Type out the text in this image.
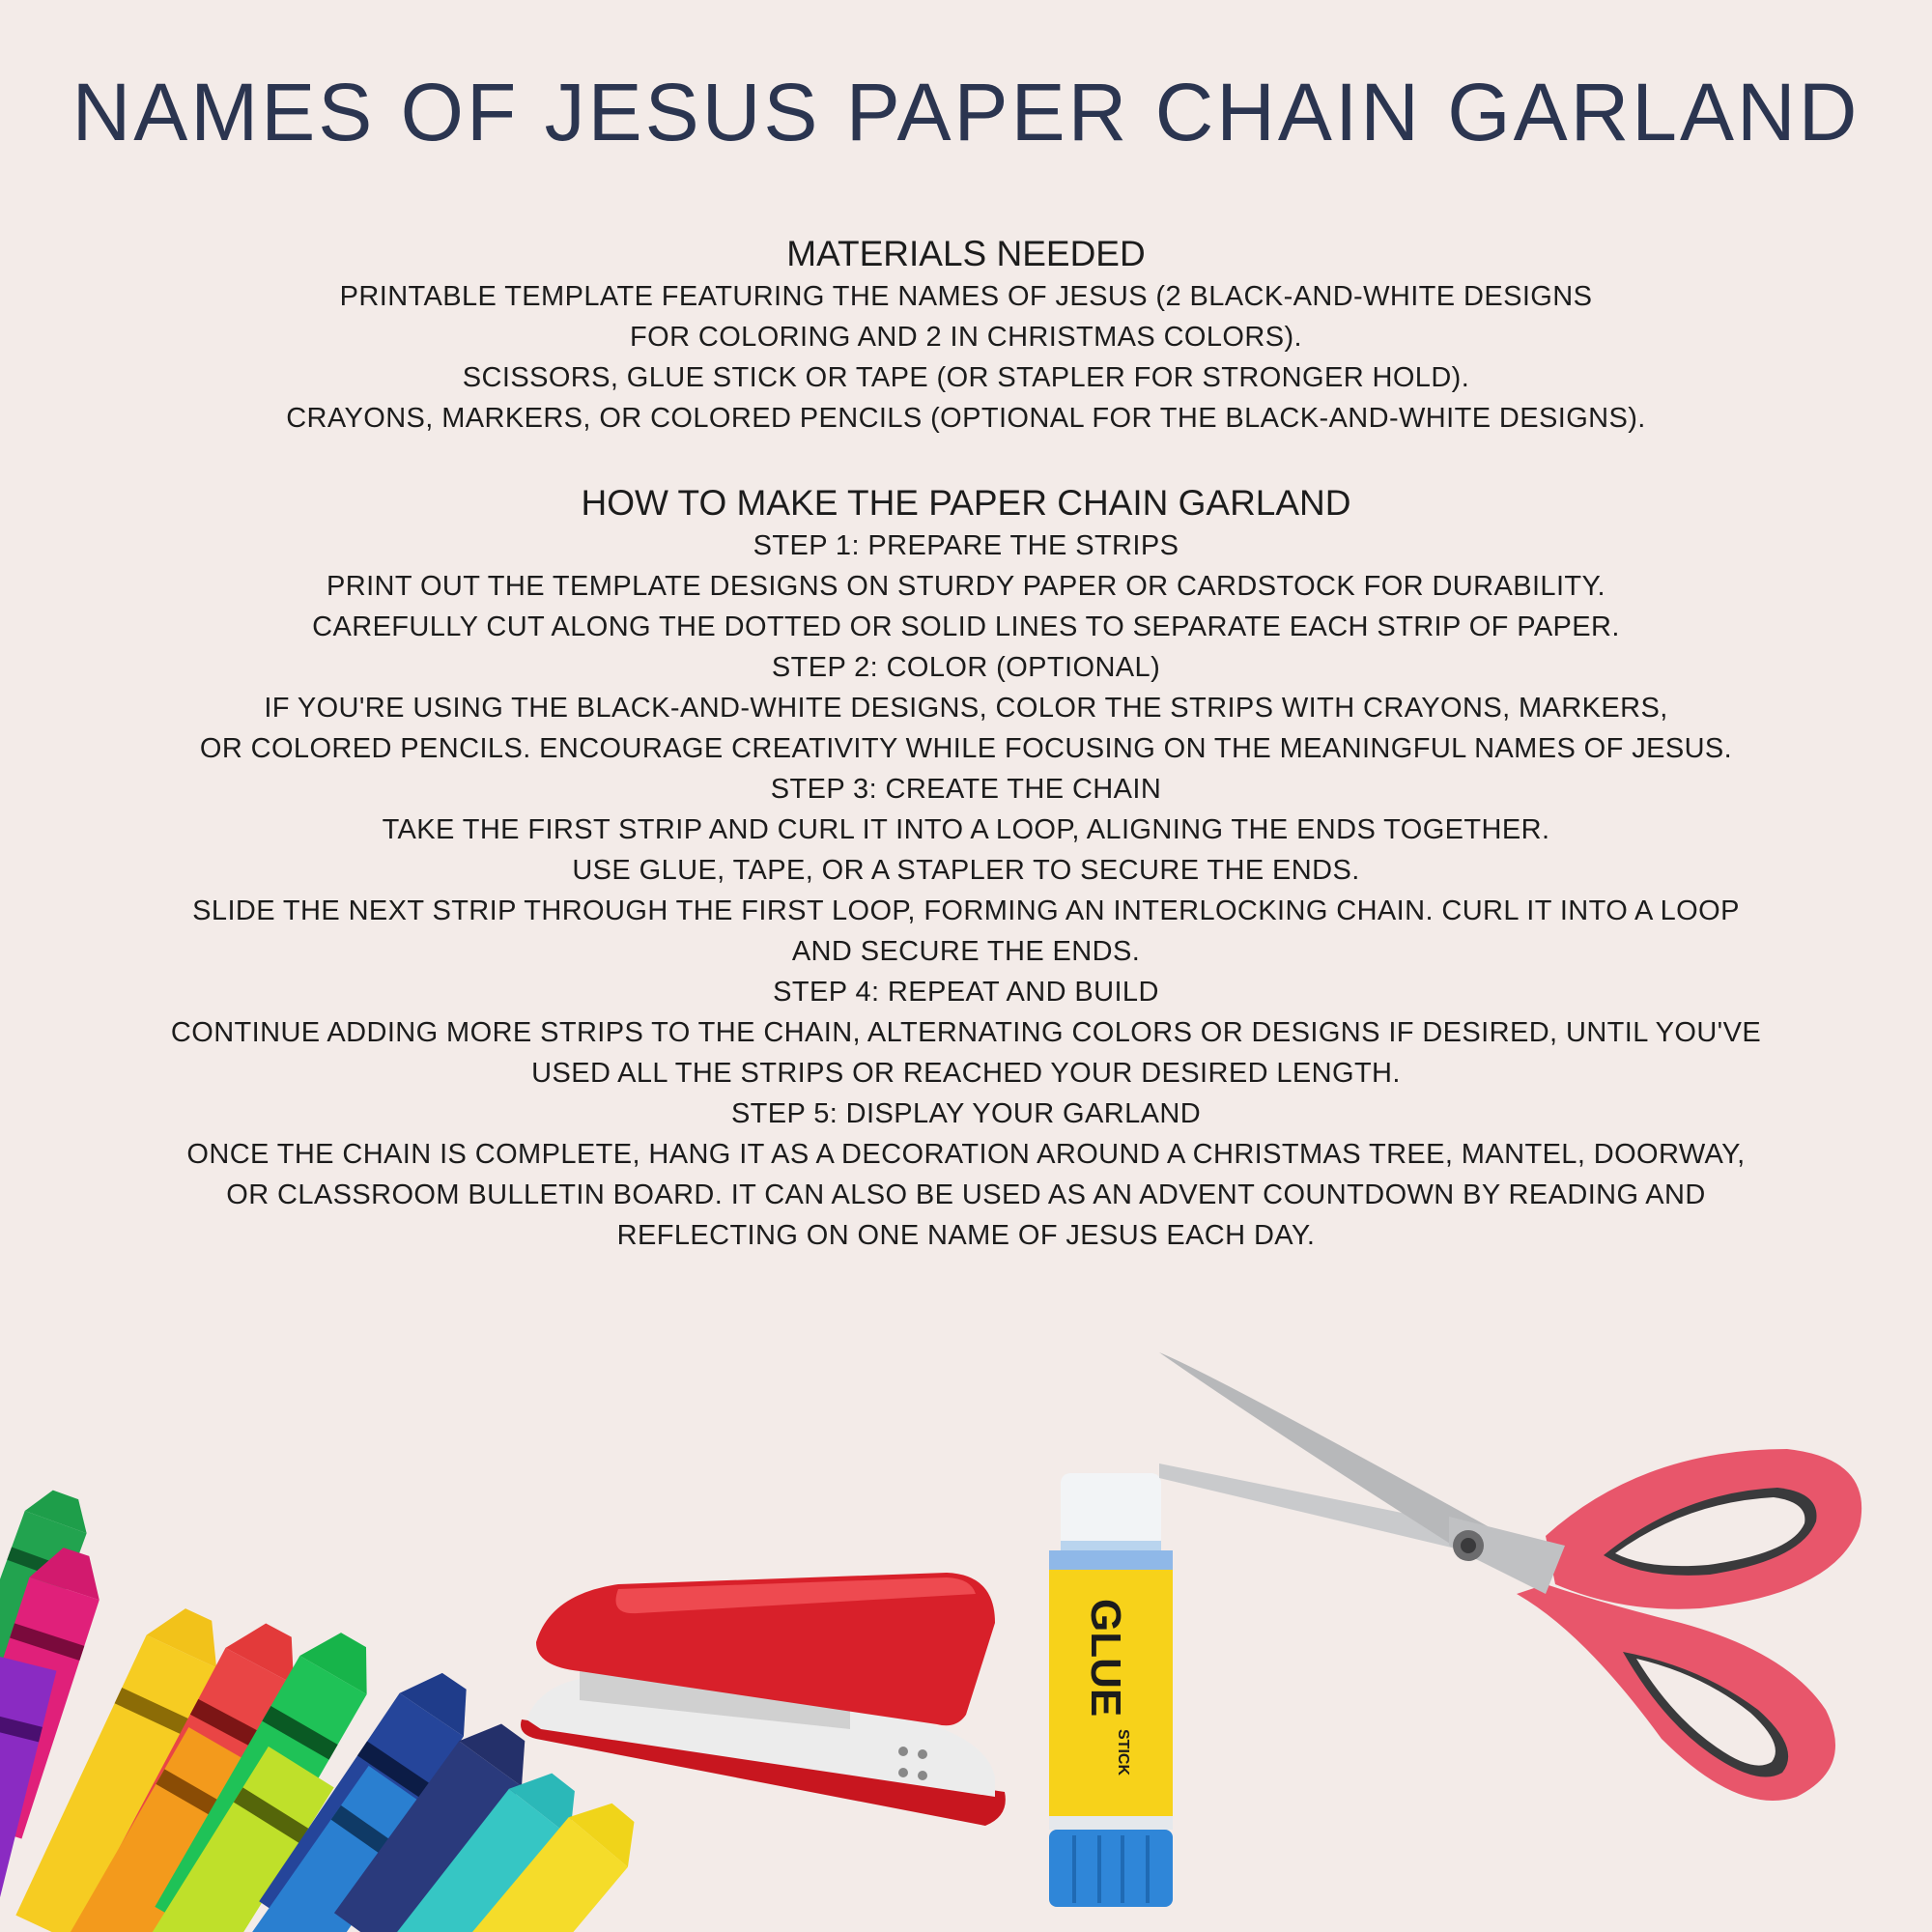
NAMES OF JESUS PAPER CHAIN GARLAND
MATERIALS NEEDED

PRINTABLE TEMPLATE FEATURING THE NAMES OF JESUS (2 BLACK-AND-WHITE DESIGNS

FOR COLORING AND 2 IN CHRISTMAS COLORS).

SCISSORS, GLUE STICK OR TAPE (OR STAPLER FOR STRONGER HOLD).

CRAYONS, MARKERS, OR COLORED PENCILS (OPTIONAL FOR THE BLACK-AND-WHITE DESIGNS).

HOW TO MAKE THE PAPER CHAIN GARLAND

STEP 1: PREPARE THE STRIPS

PRINT OUT THE TEMPLATE DESIGNS ON STURDY PAPER OR CARDSTOCK FOR DURABILITY.

CAREFULLY CUT ALONG THE DOTTED OR SOLID LINES TO SEPARATE EACH STRIP OF PAPER.

STEP 2: COLOR (OPTIONAL)

IF YOU'RE USING THE BLACK-AND-WHITE DESIGNS, COLOR THE STRIPS WITH CRAYONS, MARKERS,

OR COLORED PENCILS. ENCOURAGE CREATIVITY WHILE FOCUSING ON THE MEANINGFUL NAMES OF JESUS.

STEP 3: CREATE THE CHAIN

TAKE THE FIRST STRIP AND CURL IT INTO A LOOP, ALIGNING THE ENDS TOGETHER.

USE GLUE, TAPE, OR A STAPLER TO SECURE THE ENDS.

SLIDE THE NEXT STRIP THROUGH THE FIRST LOOP, FORMING AN INTERLOCKING CHAIN. CURL IT INTO A LOOP

AND SECURE THE ENDS.

STEP 4: REPEAT AND BUILD

CONTINUE ADDING MORE STRIPS TO THE CHAIN, ALTERNATING COLORS OR DESIGNS IF DESIRED, UNTIL YOU'VE

USED ALL THE STRIPS OR REACHED YOUR DESIRED LENGTH.

STEP 5: DISPLAY YOUR GARLAND

ONCE THE CHAIN IS COMPLETE, HANG IT AS A DECORATION AROUND A CHRISTMAS TREE, MANTEL, DOORWAY,

OR CLASSROOM BULLETIN BOARD. IT CAN ALSO BE USED AS AN ADVENT COUNTDOWN BY READING AND

REFLECTING ON ONE NAME OF JESUS EACH DAY.

GLUE
STICK
